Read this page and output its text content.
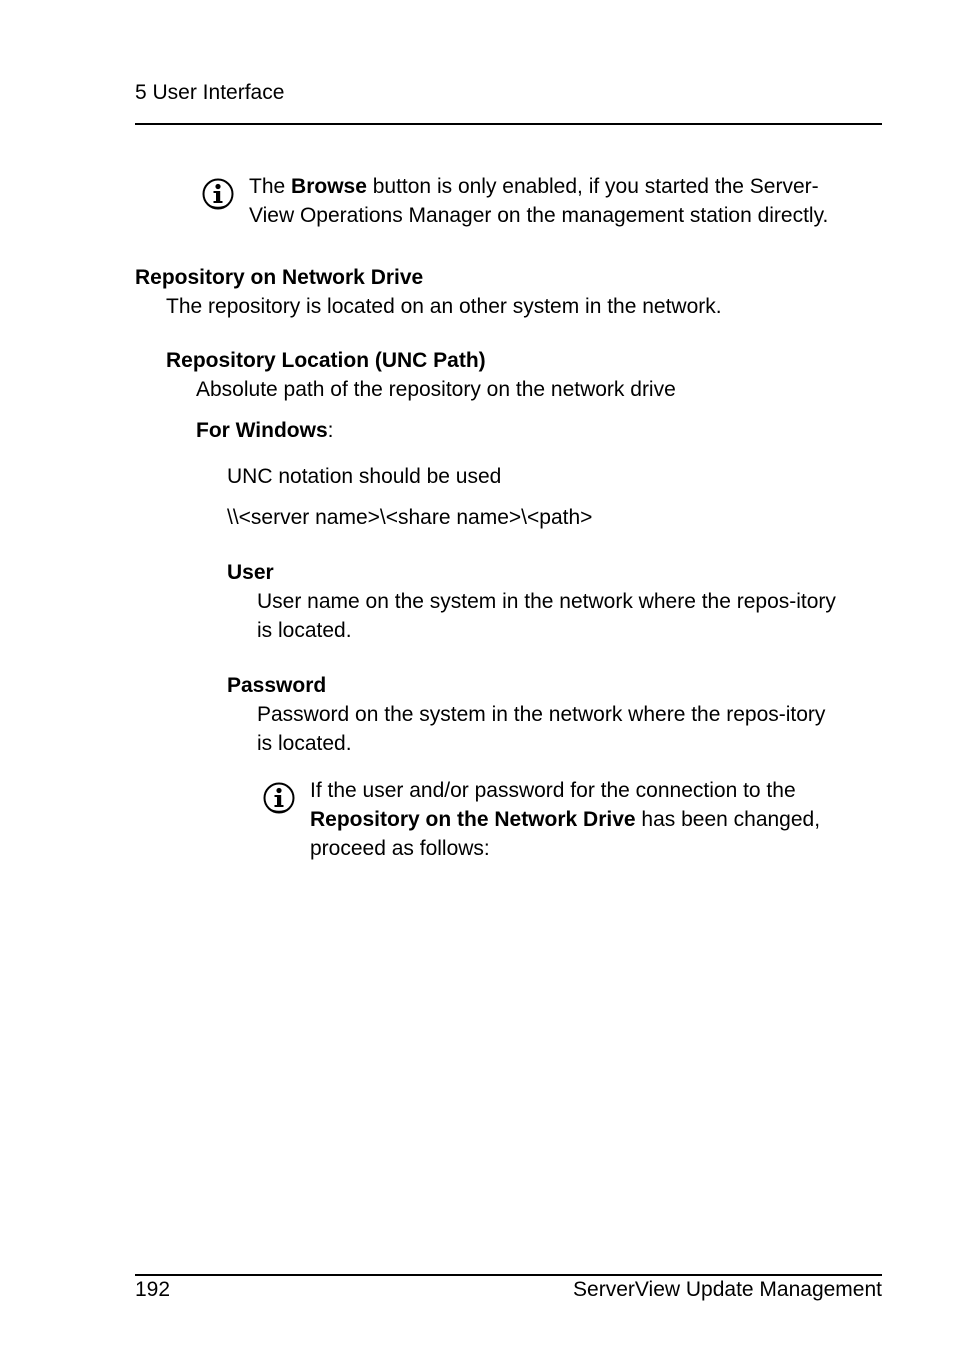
5 User Interface
The Browse button is only enabled, if you started the Server-View Operations Manager on the management station directly.
Repository on Network Drive
The repository is located on an other system in the network.
Repository Location (UNC Path)
Absolute path of the repository on the network drive
For Windows:
UNC notation should be used
\\<server name>\<share name>\<path>
User
User name on the system in the network where the repos-itory is located.
Password
Password on the system in the network where the repos-itory is located.
If the user and/or password for the connection to the Repository on the Network Drive has been changed, proceed as follows:
192	ServerView Update Management
